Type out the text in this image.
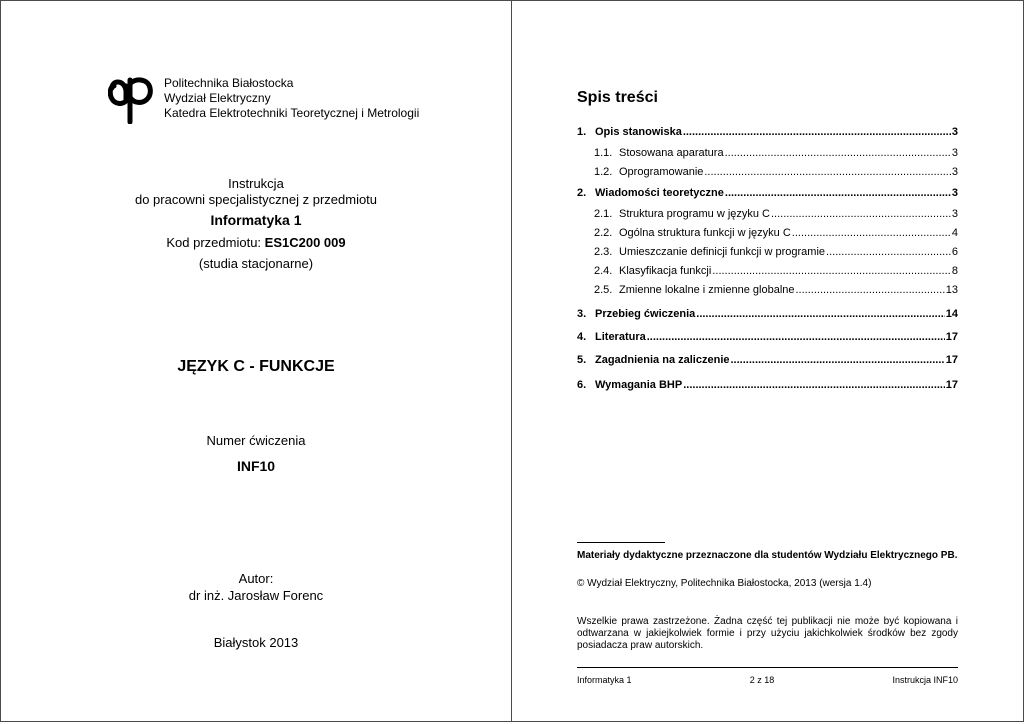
Politechnika Białostocka
Wydział Elektryczny
Katedra Elektrotechniki Teoretycznej i Metrologii
Instrukcja
do pracowni specjalistycznej z przedmiotu
Informatyka 1
Kod przedmiotu: ES1C200 009
(studia stacjonarne)
JĘZYK C - FUNKCJE
Numer ćwiczenia
INF10
Autor:
dr inż. Jarosław Forenc
Białystok 2013
Spis treści
1. Opis stanowiska .....	3
1.1. Stosowana aparatura .....	3
1.2. Oprogramowanie .....	3
2. Wiadomości teoretyczne .....	3
2.1. Struktura programu w języku C .....	3
2.2. Ogólna struktura funkcji w języku C .....	4
2.3. Umieszczanie definicji funkcji w programie .....	6
2.4. Klasyfikacja funkcji .....	8
2.5. Zmienne lokalne i zmienne globalne .....	13
3. Przebieg ćwiczenia .....	14
4. Literatura .....	17
5. Zagadnienia na zaliczenie .....	17
6. Wymagania BHP .....	17
Materiały dydaktyczne przeznaczone dla studentów Wydziału Elektrycznego PB.
© Wydział Elektryczny, Politechnika Białostocka, 2013 (wersja 1.4)
Wszelkie prawa zastrzeżone. Żadna część tej publikacji nie może być kopiowana i odtwarzana w jakiejkolwiek formie i przy użyciu jakichkolwiek środków bez zgody posiadacza praw autorskich.
Informatyka 1	2 z 18	Instrukcja INF10
